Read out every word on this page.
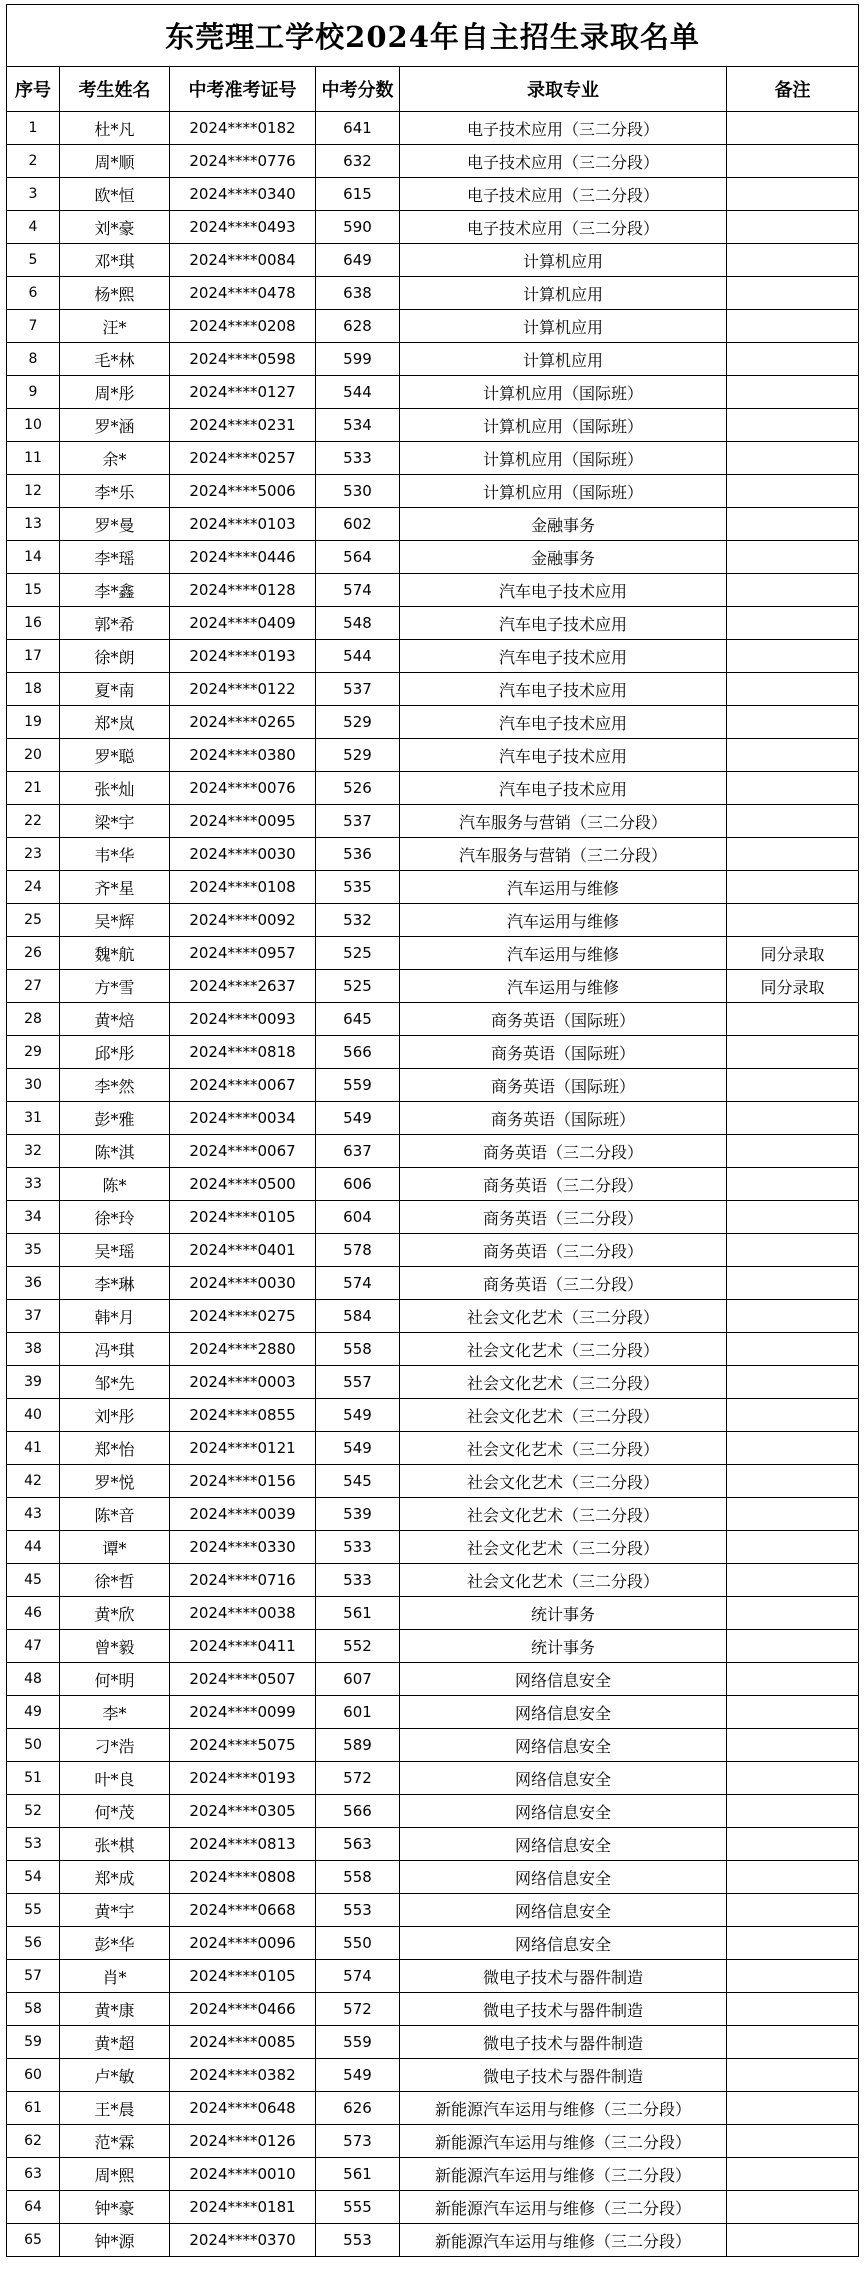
东莞理工学校2024年自主招生录取名单					
序号	考生姓名	中考准考证号	中考分数	录取专业	备注
1	杜*凡	2024****0182	641	电子技术应用（三二分段）	
2	周*顺	2024****0776	632	电子技术应用（三二分段）	
3	欧*恒	2024****0340	615	电子技术应用（三二分段）	
4	刘*豪	2024****0493	590	电子技术应用（三二分段）	
5	邓*琪	2024****0084	649	计算机应用	
6	杨*熙	2024****0478	638	计算机应用	
7	汪*	2024****0208	628	计算机应用	
8	毛*林	2024****0598	599	计算机应用	
9	周*彤	2024****0127	544	计算机应用（国际班）	
10	罗*涵	2024****0231	534	计算机应用（国际班）	
11	余*	2024****0257	533	计算机应用（国际班）	
12	李*乐	2024****5006	530	计算机应用（国际班）	
13	罗*曼	2024****0103	602	金融事务	
14	李*瑶	2024****0446	564	金融事务	
15	李*鑫	2024****0128	574	汽车电子技术应用	
16	郭*希	2024****0409	548	汽车电子技术应用	
17	徐*朗	2024****0193	544	汽车电子技术应用	
18	夏*南	2024****0122	537	汽车电子技术应用	
19	郑*岚	2024****0265	529	汽车电子技术应用	
20	罗*聪	2024****0380	529	汽车电子技术应用	
21	张*灿	2024****0076	526	汽车电子技术应用	
22	梁*宇	2024****0095	537	汽车服务与营销（三二分段）	
23	韦*华	2024****0030	536	汽车服务与营销（三二分段）	
24	齐*星	2024****0108	535	汽车运用与维修	
25	吴*辉	2024****0092	532	汽车运用与维修	
26	魏*航	2024****0957	525	汽车运用与维修	同分录取
27	方*雪	2024****2637	525	汽车运用与维修	同分录取
28	黄*焙	2024****0093	645	商务英语（国际班）	
29	邱*彤	2024****0818	566	商务英语（国际班）	
30	李*然	2024****0067	559	商务英语（国际班）	
31	彭*雅	2024****0034	549	商务英语（国际班）	
32	陈*淇	2024****0067	637	商务英语（三二分段）	
33	陈*	2024****0500	606	商务英语（三二分段）	
34	徐*玲	2024****0105	604	商务英语（三二分段）	
35	吴*瑶	2024****0401	578	商务英语（三二分段）	
36	李*琳	2024****0030	574	商务英语（三二分段）	
37	韩*月	2024****0275	584	社会文化艺术（三二分段）	
38	冯*琪	2024****2880	558	社会文化艺术（三二分段）	
39	邹*先	2024****0003	557	社会文化艺术（三二分段）	
40	刘*彤	2024****0855	549	社会文化艺术（三二分段）	
41	郑*怡	2024****0121	549	社会文化艺术（三二分段）	
42	罗*悦	2024****0156	545	社会文化艺术（三二分段）	
43	陈*音	2024****0039	539	社会文化艺术（三二分段）	
44	谭*	2024****0330	533	社会文化艺术（三二分段）	
45	徐*哲	2024****0716	533	社会文化艺术（三二分段）	
46	黄*欣	2024****0038	561	统计事务	
47	曾*毅	2024****0411	552	统计事务	
48	何*明	2024****0507	607	网络信息安全	
49	李*	2024****0099	601	网络信息安全	
50	刁*浩	2024****5075	589	网络信息安全	
51	叶*良	2024****0193	572	网络信息安全	
52	何*茂	2024****0305	566	网络信息安全	
53	张*棋	2024****0813	563	网络信息安全	
54	郑*成	2024****0808	558	网络信息安全	
55	黄*宇	2024****0668	553	网络信息安全	
56	彭*华	2024****0096	550	网络信息安全	
57	肖*	2024****0105	574	微电子技术与器件制造	
58	黄*康	2024****0466	572	微电子技术与器件制造	
59	黄*超	2024****0085	559	微电子技术与器件制造	
60	卢*敏	2024****0382	549	微电子技术与器件制造	
61	王*晨	2024****0648	626	新能源汽车运用与维修（三二分段）	
62	范*霖	2024****0126	573	新能源汽车运用与维修（三二分段）	
63	周*熙	2024****0010	561	新能源汽车运用与维修（三二分段）	
64	钟*豪	2024****0181	555	新能源汽车运用与维修（三二分段）	
65	钟*源	2024****0370	553	新能源汽车运用与维修（三二分段）	
